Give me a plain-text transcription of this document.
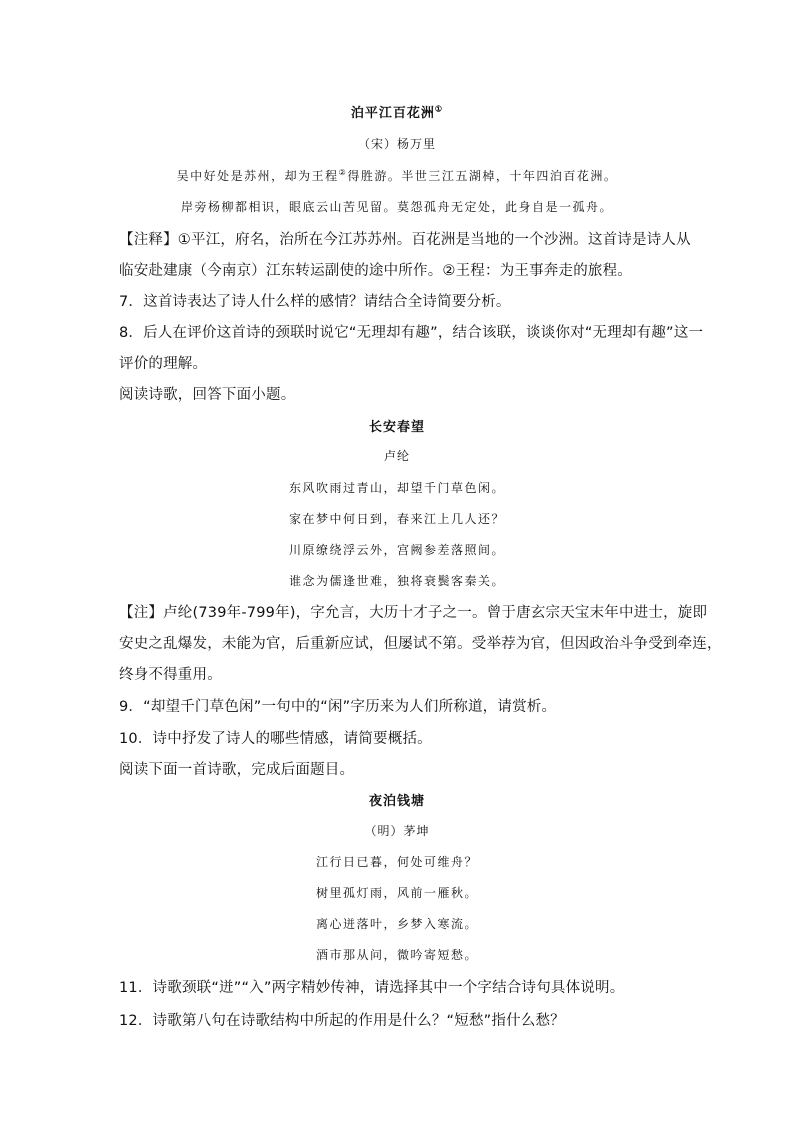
泊平江百花洲①
（宋）杨万里
吴中好处是苏州，却为王程②得胜游。半世三江五湖棹，十年四泊百花洲。
岸旁杨柳都相识，眼底云山苦见留。莫怨孤舟无定处，此身自是一孤舟。
【注释】①平江，府名，治所在今江苏苏州。百花洲是当地的一个沙洲。这首诗是诗人从
临安赴建康（今南京）江东转运副使的途中所作。②王程：为王事奔走的旅程。
7．这首诗表达了诗人什么样的感情？请结合全诗简要分析。
8．后人在评价这首诗的颈联时说它“无理却有趣”，结合该联，谈谈你对“无理却有趣”这一
评价的理解。
阅读诗歌，回答下面小题。
长安春望
卢纶
东风吹雨过青山，却望千门草色闲。
家在梦中何日到，春来江上几人还？
川原缭绕浮云外，宫阙参差落照间。
谁念为儒逢世难，独将衰鬓客秦关。
【注】卢纶(739年-799年)，字允言，大历十才子之一。曾于唐玄宗天宝末年中进士，旋即
安史之乱爆发，未能为官，后重新应试，但屡试不第。受举荐为官，但因政治斗争受到牵连，
终身不得重用。
9．“却望千门草色闲”一句中的“闲”字历来为人们所称道，请赏析。
10．诗中抒发了诗人的哪些情感，请简要概括。
阅读下面一首诗歌，完成后面题目。
夜泊钱塘
（明）茅坤
江行日已暮，何处可维舟？
树里孤灯雨，风前一雁秋。
离心迸落叶，乡梦入寒流。
酒市那从问，微吟寄短愁。
11．诗歌颈联“迸”“入”两字精妙传神，请选择其中一个字结合诗句具体说明。
12．诗歌第八句在诗歌结构中所起的作用是什么？“短愁”指什么愁？
